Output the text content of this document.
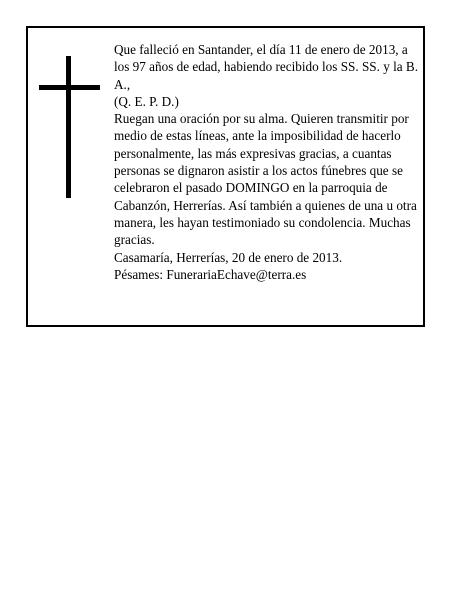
Que falleció en Santander, el día 11 de enero de 2013, a los 97 años de edad, habiendo recibido los SS. SS. y la B. A.,

(Q. E. P. D.)

Ruegan una oración por su alma. Quieren transmitir por medio de estas líneas, ante la imposibilidad de hacerlo personalmente, las más expresivas gracias, a cuantas personas se dignaron asistir a los actos fúnebres que se celebraron el pasado DOMINGO en la parroquia de Cabanzón, Herrerías. Así también a quienes de una u otra manera, les hayan testimoniado su condolencia. Muchas gracias.

Casamaría, Herrerías, 20 de enero de 2013.

Pésames: FunerariaEchave@terra.es
